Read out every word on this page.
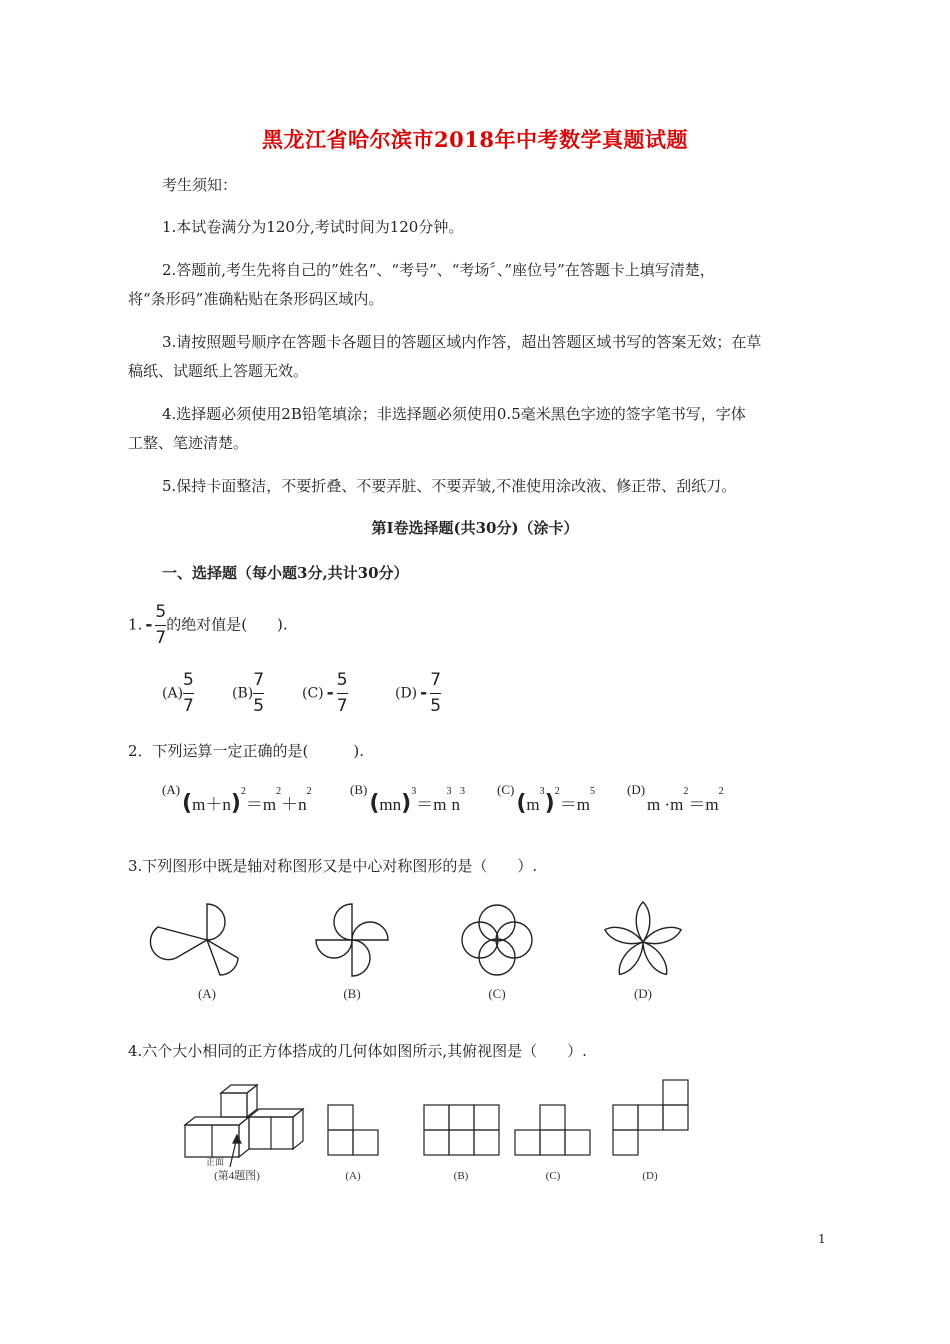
黑龙江省哈尔滨市2018年中考数学真题试题
考生须知：
1.本试卷满分为120分,考试时间为120分钟。
2.答题前,考生先将自己的”姓名”、“考号”、“考场〞、”座位号”在答题卡上填写清楚，
将“条形码”准确粘贴在条形码区域内。
3.请按照题号顺序在答题卡各题目的答题区域内作答，超出答题区域书写的答案无效；在草
稿纸、试题纸上答题无效。
4.选择题必须使用2B铅笔填涂；非选择题必须使用0.5毫米黑色字迹的签字笔书写，字体
工整、笔迹清楚。
5.保持卡面整洁，不要折叠、不要弄脏、不要弄皱,不准使用涂改液、修正带、刮纸刀。
第Ⅰ卷选择题(共30分)（涂卡）
一、选择题（每小题3分,共计30分）
1. - $\frac{5}{7}$ 的绝对值是(　　).
$(A) \frac{5}{7}$	$(B) \frac{7}{5}$	$(C) - \frac{5}{7}$	$(D) - \frac{7}{5}$
2．下列运算一定正确的是(　　　).
$^{(A)}(m+n)^2=m^2+n^2$	$^{(B)}(mn)^3=m^3n^3$ $^{(C)}(m^3)^2=m^5$ $^{(D)}m \cdot m^2=m^2$
3.下列图形中既是轴对称图形又是中心对称图形的是（　　）.
(A)	(B)	(C)	(D)
4.六个大小相同的正方体搭成的几何体如图所示,其俯视图是（　　）.
正面
(第4题图)	(A)	(B)	(C)	(D)
1
